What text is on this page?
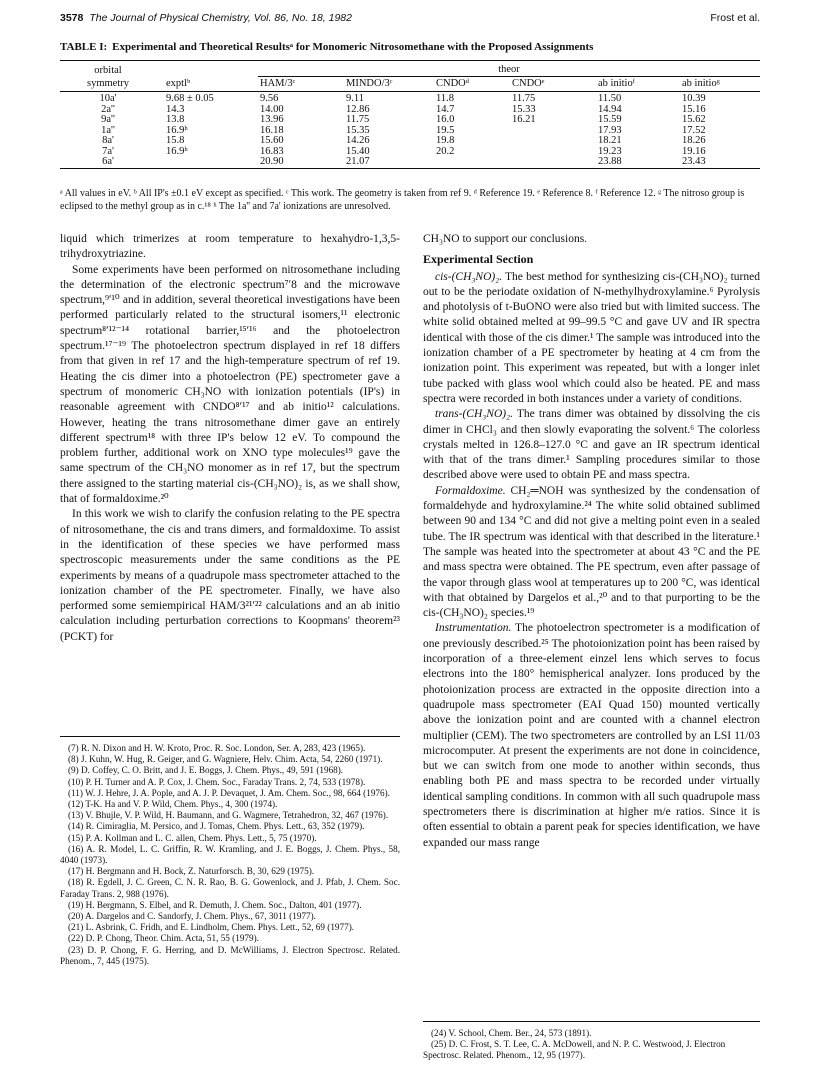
3578 The Journal of Physical Chemistry, Vol. 86, No. 18, 1982	Frost et al.
TABLE I: Experimental and Theoretical Resultsᵃ for Monomeric Nitrosomethane with the Proposed Assignments
orbital		theor					
symmetry	exptlᵇ	HAM/3ᶜ	MINDO/3ᶜ	CNDOᵈ	CNDOᵉ	ab initioᶠ	ab initioᵍ
10a'	9.68 ± 0.05	9.56	9.11	11.8	11.75	11.50	10.39
2a''	14.3	14.00	12.86	14.7	15.33	14.94	15.16
9a''	13.8	13.96	11.75	16.0	16.21	15.59	15.62
1a''	16.9ʰ	16.18	15.35	19.5		17.93	17.52
8a'	15.8	15.60	14.26	19.8		18.21	18.26
7a'	16.9ʰ	16.83	15.40	20.2		19.23	19.16
6a'		20.90	21.07			23.88	23.43
ᵃ All values in eV. ᵇ All IP's ±0.1 eV except as specified. ᶜ This work. The geometry is taken from ref 9. ᵈ Reference 19. ᵉ Reference 8. ᶠ Reference 12. ᵍ The nitroso group is eclipsed to the methyl group as in c.¹⁸ ʰ The 1a'' and 7a' ionizations are unresolved.

liquid which trimerizes at room temperature to hexahydro-1,3,5-trihydroxytriazine.

Some experiments have been performed on nitrosomethane including the determination of the electronic spectrum⁷ʹ8 and the microwave spectrum,⁹ʹ¹⁰ and in addition, several theoretical investigations have been performed particularly related to the structural isomers,¹¹ electronic spectrum⁸ʹ¹²⁻¹⁴ rotational barrier,¹⁵ʹ¹⁶ and the photoelectron spectrum.¹⁷⁻¹⁹ The photoelectron spectrum displayed in ref 18 differs from that given in ref 17 and the high-temperature spectrum of ref 19. Heating the cis dimer into a photoelectron (PE) spectrometer gave a spectrum of monomeric CH₃NO with ionization potentials (IP's) in reasonable agreement with CNDO⁸ʹ¹⁷ and ab initio¹² calculations. However, heating the trans nitrosomethane dimer gave an entirely different spectrum¹⁸ with three IP's below 12 eV. To compound the problem further, additional work on XNO type molecules¹⁹ gave the same spectrum of the CH₃NO monomer as in ref 17, but the spectrum there assigned to the starting material cis-(CH₃NO)₂ is, as we shall show, that of formaldoxime.²⁰

In this work we wish to clarify the confusion relating to the PE spectra of nitrosomethane, the cis and trans dimers, and formaldoxime. To assist in the identification of these species we have performed mass spectroscopic measurements under the same conditions as the PE experiments by means of a quadrupole mass spectrometer attached to the ionization chamber of the PE spectrometer. Finally, we have also performed some semiempirical HAM/3²¹ʹ²² calculations and an ab initio calculation including perturbation corrections to Koopmans' theorem²³ (PCKT) for

CH₃NO to support our conclusions.

Experimental Section

cis-(CH₃NO)₂. The best method for synthesizing cis-(CH₃NO)₂ turned out to be the periodate oxidation of N-methylhydroxylamine.⁶ Pyrolysis and photolysis of t-BuONO were also tried but with limited success. The white solid obtained melted at 99–99.5 °C and gave UV and IR spectra identical with those of the cis dimer.¹ The sample was introduced into the ionization chamber of a PE spectrometer by heating at 4 cm from the ionization point. This experiment was repeated, but with a longer inlet tube packed with glass wool which could also be heated. PE and mass spectra were recorded in both instances under a variety of conditions.

trans-(CH₃NO)₂. The trans dimer was obtained by dissolving the cis dimer in CHCl₃ and then slowly evaporating the solvent.⁶ The colorless crystals melted in 126.8–127.0 °C and gave an IR spectrum identical with that of the trans dimer.¹ Sampling procedures similar to those described above were used to obtain PE and mass spectra.

Formaldoxime. CH₂═NOH was synthesized by the condensation of formaldehyde and hydroxylamine.²⁴ The white solid obtained sublimed between 90 and 134 °C and did not give a melting point even in a sealed tube. The IR spectrum was identical with that described in the literature.¹ The sample was heated into the spectrometer at about 43 °C and the PE and mass spectra were obtained. The PE spectrum, even after passage of the vapor through glass wool at temperatures up to 200 °C, was identical with that obtained by Dargelos et al.,²⁰ and to that purporting to be the cis-(CH₃NO)₂ species.¹⁹

Instrumentation. The photoelectron spectrometer is a modification of one previously described.²⁵ The photoionization point has been raised by incorporation of a three-element einzel lens which serves to focus electrons into the 180° hemispherical analyzer. Ions produced by the photoionization process are extracted in the opposite direction into a quadrupole mass spectrometer (EAI Quad 150) mounted vertically above the ionization point and are counted with a channel electron multiplier (CEM). The two spectrometers are controlled by an LSI 11/03 microcomputer. At present the experiments are not done in coincidence, but we can switch from one mode to another within seconds, thus enabling both PE and mass spectra to be recorded under virtually identical sampling conditions. In common with all such quadrupole mass spectrometers there is discrimination at higher m/e ratios. Since it is often essential to obtain a parent peak for species identification, we have expanded our mass range

(7) R. N. Dixon and H. W. Kroto, Proc. R. Soc. London, Ser. A, 283, 423 (1965).

(8) J. Kuhn, W. Hug, R. Geiger, and G. Wagniere, Helv. Chim. Acta, 54, 2260 (1971).

(9) D. Coffey, C. O. Britt, and J. E. Boggs, J. Chem. Phys., 49, 591 (1968).

(10) P. H. Turner and A. P. Cox, J. Chem. Soc., Faraday Trans. 2, 74, 533 (1978).

(11) W. J. Hehre, J. A. Pople, and A. J. P. Devaquet, J. Am. Chem. Soc., 98, 664 (1976).

(12) T-K. Ha and V. P. Wild, Chem. Phys., 4, 300 (1974).

(13) V. Bhujle, V. P. Wild, H. Baumann, and G. Wagmere, Tetrahedron, 32, 467 (1976).

(14) R. Cimiraglia, M. Persico, and J. Tomas, Chem. Phys. Lett., 63, 352 (1979).

(15) P. A. Kollman and L. C. allen, Chem. Phys. Lett., 5, 75 (1970).

(16) A. R. Model, L. C. Griffin, R. W. Kramling, and J. E. Boggs, J. Chem. Phys., 58, 4040 (1973).

(17) H. Bergmann and H. Bock, Z. Naturforsch. B, 30, 629 (1975).

(18) R. Egdell, J. C. Green, C. N. R. Rao, B. G. Gowenlock, and J. Pfab, J. Chem. Soc. Faraday Trans. 2, 988 (1976).

(19) H. Bergmann, S. Elbel, and R. Demuth, J. Chem. Soc., Dalton, 401 (1977).

(20) A. Dargelos and C. Sandorfy, J. Chem. Phys., 67, 3011 (1977).

(21) L. Asbrink, C. Fridh, and E. Lindholm, Chem. Phys. Lett., 52, 69 (1977).

(22) D. P. Chong, Theor. Chim. Acta, 51, 55 (1979).

(23) D. P. Chong, F. G. Herring, and D. McWilliams, J. Electron Spectrosc. Related. Phenom., 7, 445 (1975).

(24) V. School, Chem. Ber., 24, 573 (1891).

(25) D. C. Frost, S. T. Lee, C. A. McDowell, and N. P. C. Westwood, J. Electron Spectrosc. Related. Phenom., 12, 95 (1977).
